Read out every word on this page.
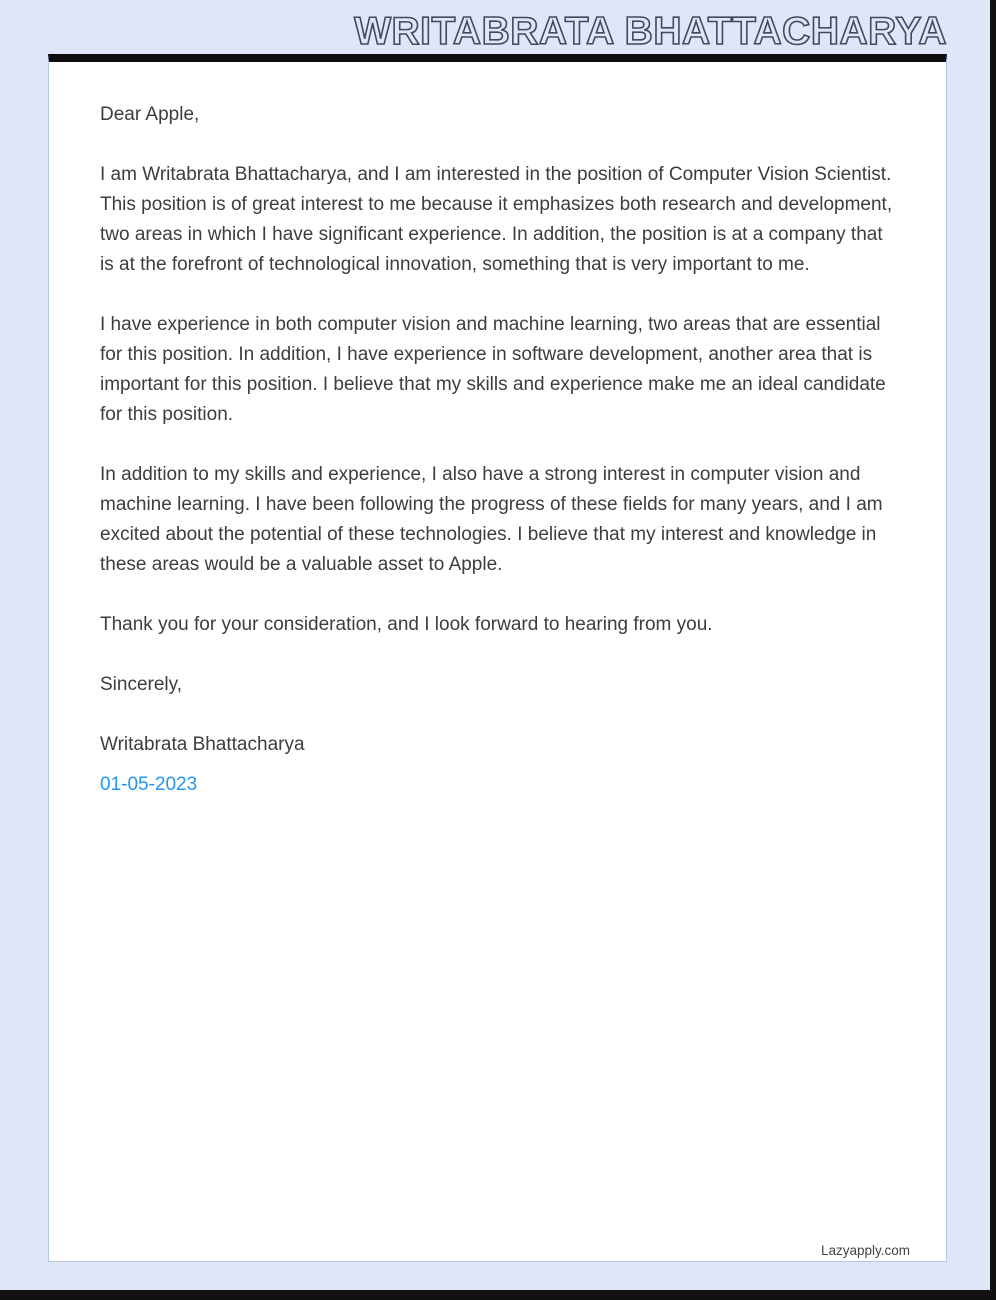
WRITABRATA BHATTACHARYA

Dear Apple,

I am Writabrata Bhattacharya, and I am interested in the position of Computer Vision Scientist. This position is of great interest to me because it emphasizes both research and development, two areas in which I have significant experience. In addition, the position is at a company that is at the forefront of technological innovation, something that is very important to me.

I have experience in both computer vision and machine learning, two areas that are essential for this position. In addition, I have experience in software development, another area that is important for this position. I believe that my skills and experience make me an ideal candidate for this position.

In addition to my skills and experience, I also have a strong interest in computer vision and machine learning. I have been following the progress of these fields for many years, and I am excited about the potential of these technologies. I believe that my interest and knowledge in these areas would be a valuable asset to Apple.

Thank you for your consideration, and I look forward to hearing from you.

Sincerely,

Writabrata Bhattacharya

01-05-2023

Lazyapply.com
